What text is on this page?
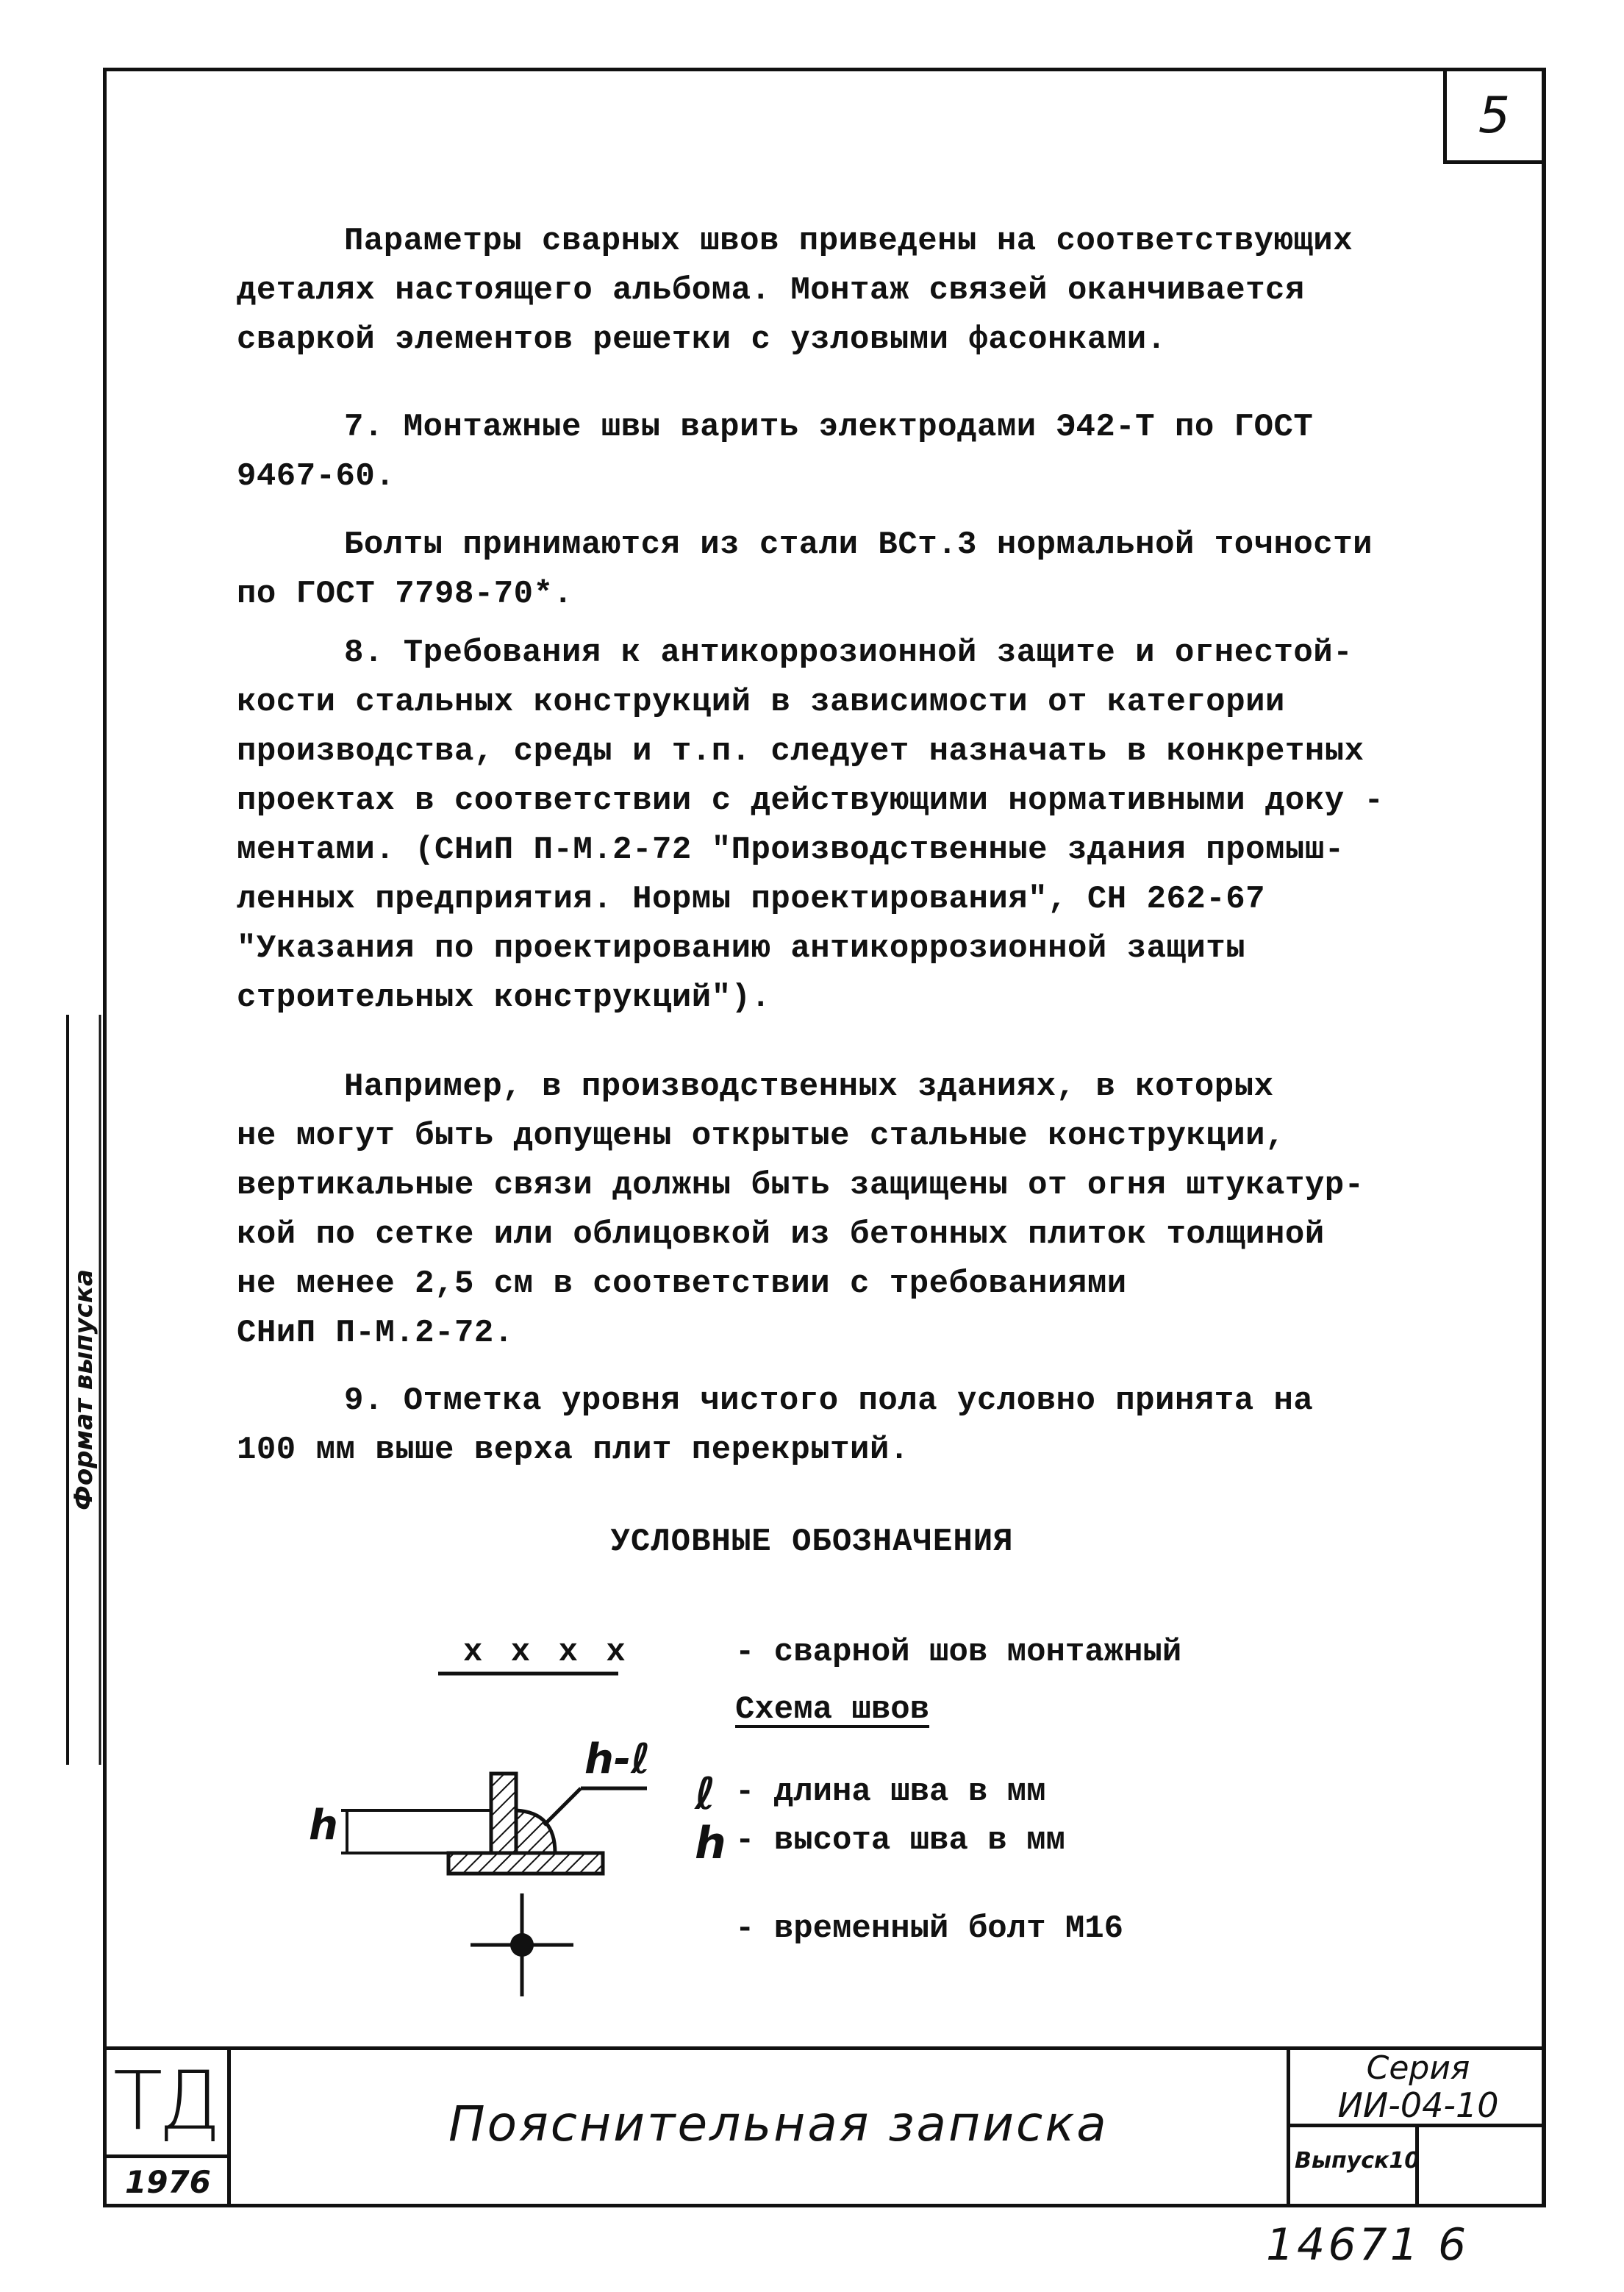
5
Формат выпуска
Параметры сварных швов приведены на соответствующих
деталях настоящего альбома. Монтаж связей оканчивается
сваркой элементов решетки с узловыми фасонками.
7. Монтажные швы варить электродами Э42-Т по ГОСТ
9467-60.
Болты принимаются из стали ВСт.3 нормальной точности
по ГОСТ 7798-70*.
8. Требования к антикоррозионной защите и огнестой-
кости стальных конструкций в зависимости от категории
производства, среды и т.п. следует назначать в конкретных
проектах в соответствии с действующими нормативными доку -
ментами. (СНиП П-М.2-72 "Производственные здания промыш-
ленных предприятия. Нормы проектирования", СН 262-67
"Указания по проектированию антикоррозионной защиты
строительных конструкций").
Например, в производственных зданиях, в которых
не могут быть допущены открытые стальные конструкции,
вертикальные связи должны быть защищены от огня штукатур-
кой по сетке или облицовкой из бетонных плиток толщиной
не менее 2,5 см в соответствии с требованиями
СНиП П-М.2-72.
9. Отметка уровня чистого пола условно принята на
100 мм выше верха плит перекрытий.
УСЛОВНЫЕ ОБОЗНАЧЕНИЯ
x x x x	- сварной шов монтажный
Схема швов
h
h-ℓ
ℓ - длина шва в мм
h - высота шва в мм
- временный болт М16
ТД
1976
Пояснительная записка
Серия
ИИ-04-10
Выпуск10
14671 6
